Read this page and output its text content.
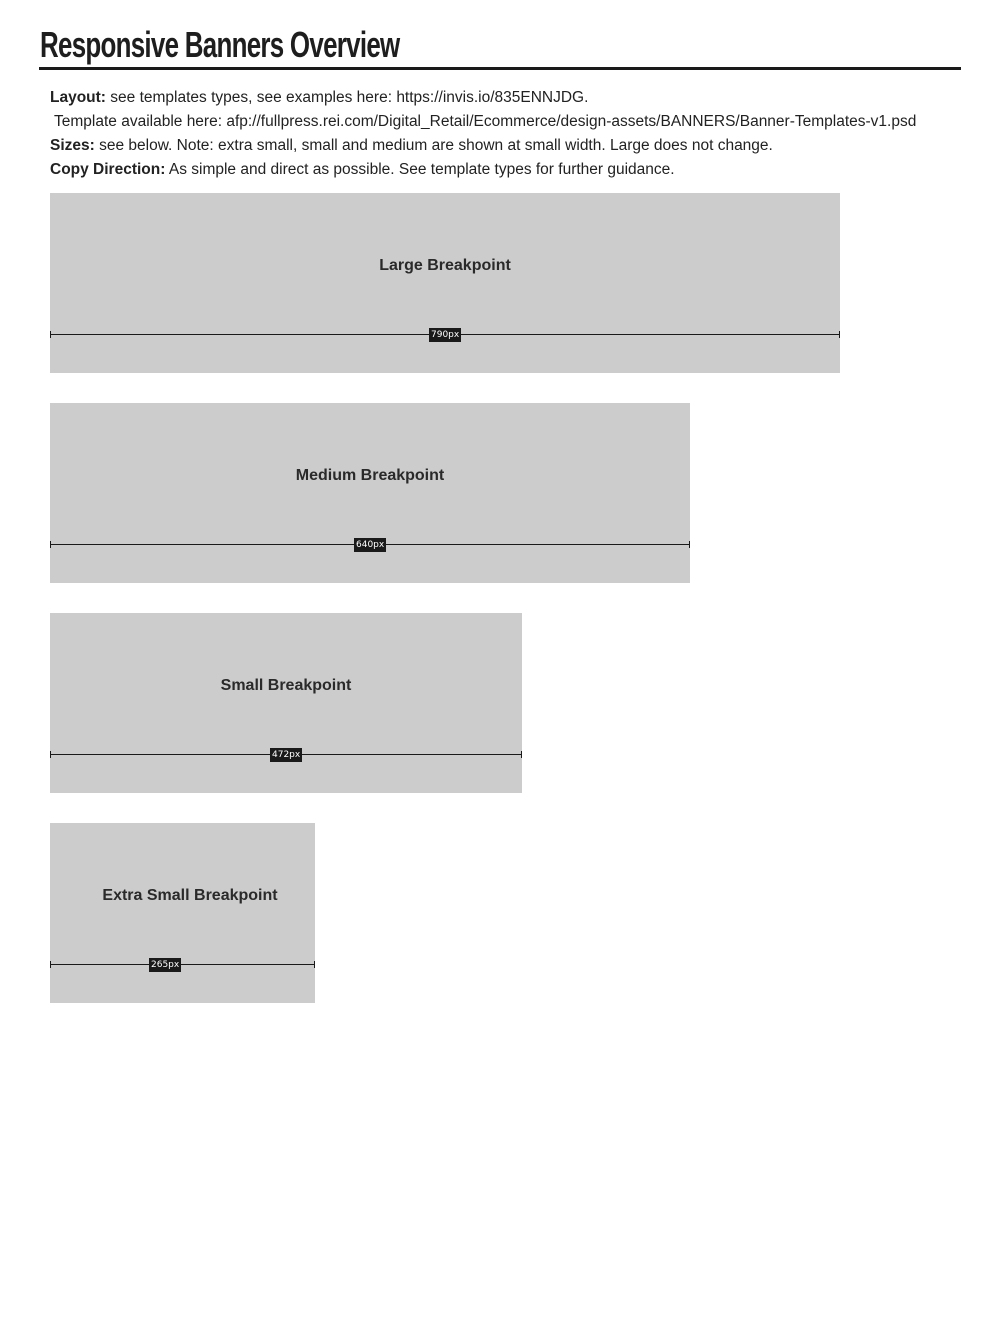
Responsive Banners Overview
Layout: see templates types, see examples here: https://invis.io/835ENNJDG.
Template available here: afp://fullpress.rei.com/Digital_Retail/Ecommerce/design-assets/BANNERS/Banner-Templates-v1.psd
Sizes: see below. Note: extra small, small and medium are shown at small width. Large does not change.
Copy Direction: As simple and direct as possible. See template types for further guidance.
Large Breakpoint
790px
Medium Breakpoint
640px
Small Breakpoint
472px
Extra Small Breakpoint
265px
